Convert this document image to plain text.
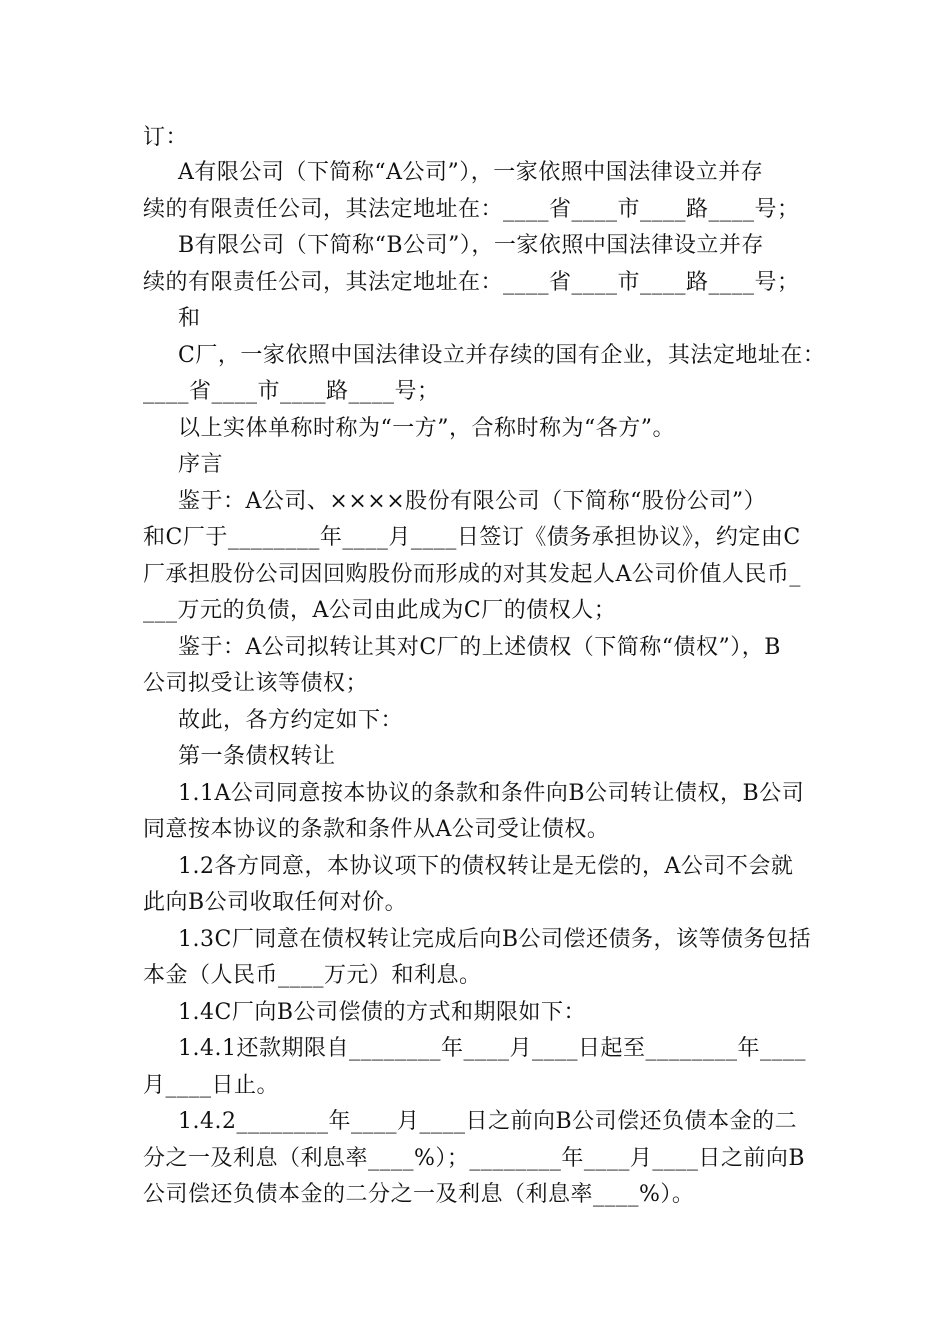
订：
A有限公司（下简称“A公司”），一家依照中国法律设立并存
续的有限责任公司，其法定地址在：____省____市____路____号；
B有限公司（下简称“B公司”），一家依照中国法律设立并存
续的有限责任公司，其法定地址在：____省____市____路____号；
和
C厂，一家依照中国法律设立并存续的国有企业，其法定地址在：
____省____市____路____号；
以上实体单称时称为“一方”，合称时称为“各方”。
序言
鉴于：A公司、××××股份有限公司（下简称“股份公司”）
和C厂于________年____月____日签订《债务承担协议》，约定由C
厂承担股份公司因回购股份而形成的对其发起人A公司价值人民币_
___万元的负债，A公司由此成为C厂的债权人；
鉴于：A公司拟转让其对C厂的上述债权（下简称“债权”），B
公司拟受让该等债权；
故此，各方约定如下：
第一条债权转让
1.1A公司同意按本协议的条款和条件向B公司转让债权，B公司
同意按本协议的条款和条件从A公司受让债权。
1.2各方同意，本协议项下的债权转让是无偿的，A公司不会就
此向B公司收取任何对价。
1.3C厂同意在债权转让完成后向B公司偿还债务，该等债务包括
本金（人民币____万元）和利息。
1.4C厂向B公司偿债的方式和期限如下：
1.4.1还款期限自________年____月____日起至________年____
月____日止。
1.4.2________年____月____日之前向B公司偿还负债本金的二
分之一及利息（利息率____%）；________年____月____日之前向B
公司偿还负债本金的二分之一及利息（利息率____%）。
